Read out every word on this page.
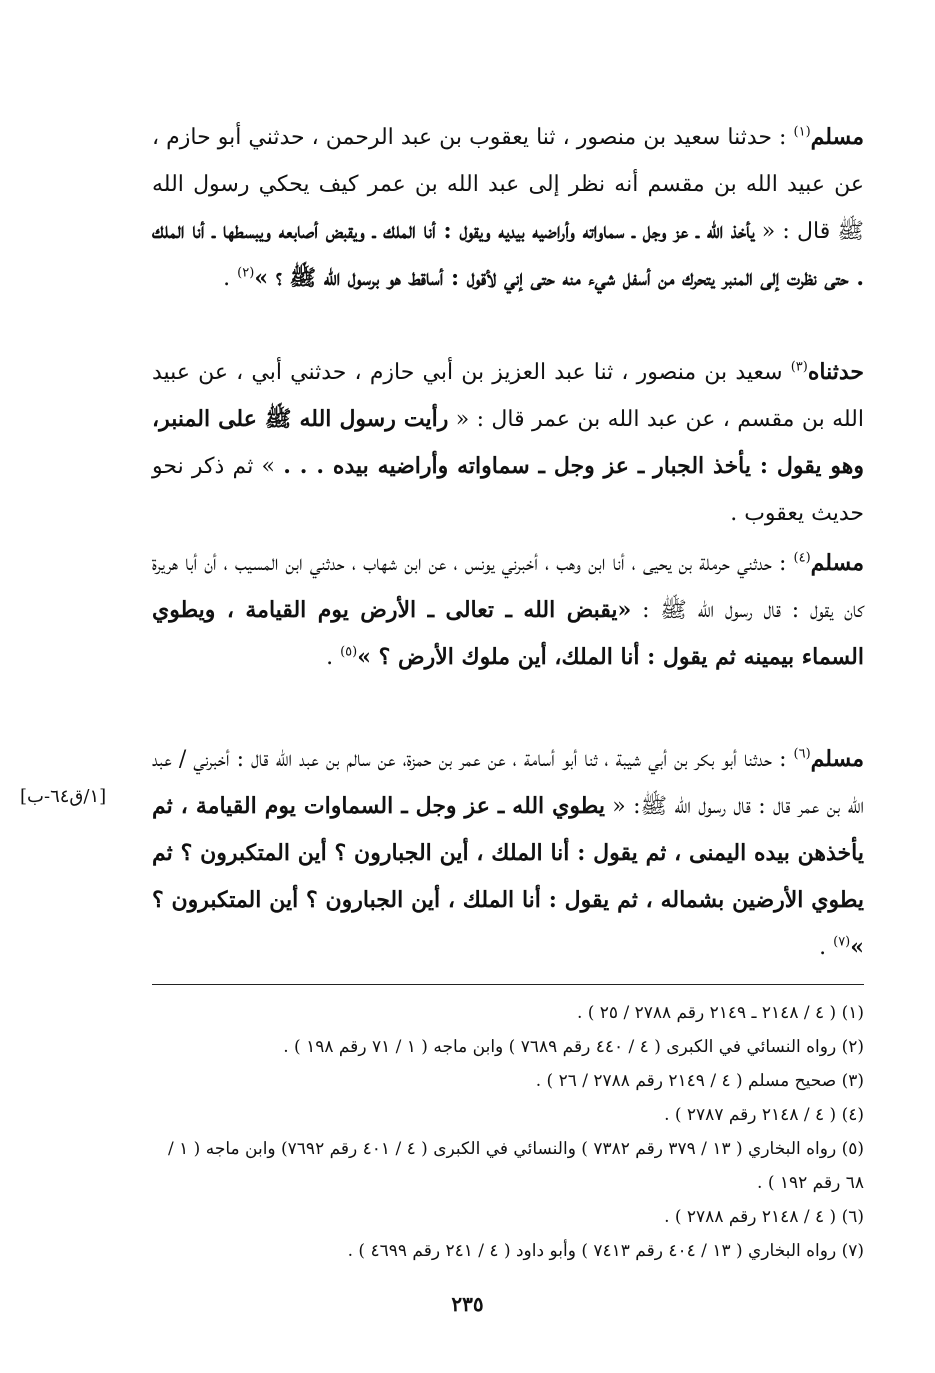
مسلم$^{(١)}$ : حدثنا سعيد بن منصور ، ثنا يعقوب بن عبد الرحمن ، حدثني أبو حازم ، عن عبيد الله بن مقسم أنه نظر إلى عبد الله بن عمر كيف يحكي رسول الله ﷺ قال : « يأخذ الله ـ عز وجل ـ سماواته وأراضيه بيديه ويقول : أنا الملك ـ ويقبض أصابعه ويبسطها ـ أنا الملك . حتى نظرت إلى المنبر يتحرك من أسفل شيء منه حتى إني لأقول : أساقط هو برسول الله ﷺ ؟ »$^{(٢)}$ .

حدثناه$^{(٣)}$ سعيد بن منصور ، ثنا عبد العزيز بن أبي حازم ، حدثني أبي ، عن عبيد الله بن مقسم ، عن عبد الله بن عمر قال : « رأيت رسول الله ﷺ على المنبر، وهو يقول : يأخذ الجبار ـ عز وجل ـ سماواته وأراضيه بيده . . . » ثم ذكر نحو حديث يعقوب .

مسلم$^{(٤)}$ : حدثني حرملة بن يحيى ، أنا ابن وهب ، أخبرني يونس ، عن ابن شهاب ، حدثني ابن المسيب ، أن أبا هريرة كان يقول : قال رسول الله ﷺ : «يقبض الله ـ تعالى ـ الأرض يوم القيامة ، ويطوي السماء بيمينه ثم يقول : أنا الملك، أين ملوك الأرض ؟ »$^{(٥)}$ .

مسلم$^{(٦)}$ : حدثنا أبو بكر بن أبي شيبة ، ثنا أبو أسامة ، عن عمر بن حمزة، عن سالم بن عبد الله قال : أخبرني / عبد الله بن عمر قال : قال رسول الله ﷺ: « يطوي الله ـ عز وجل ـ السماوات يوم القيامة ، ثم يأخذهن بيده اليمنى ، ثم يقول : أنا الملك ، أين الجبارون ؟ أين المتكبرون ؟ ثم يطوي الأرضين بشماله ، ثم يقول : أنا الملك ، أين الجبارون ؟ أين المتكبرون ؟ »$^{(٧)}$ .

[١/ق٦٤-ب]
(١) ( ٤ / ٢١٤٨ ـ ٢١٤٩ رقم ٢٧٨٨ / ٢٥ ) .
(٢) رواه النسائي في الكبرى ( ٤ / ٤٤٠ رقم ٧٦٨٩ ) وابن ماجه ( ١ / ٧١ رقم ١٩٨ ) .
(٣) صحيح مسلم ( ٤ / ٢١٤٩ رقم ٢٧٨٨ / ٢٦ ) .
(٤) ( ٤ / ٢١٤٨ رقم ٢٧٨٧ ) .
(٥) رواه البخاري ( ١٣ / ٣٧٩ رقم ٧٣٨٢ ) والنسائي في الكبرى ( ٤ / ٤٠١ رقم ٧٦٩٢) وابن ماجه ( ١ / ٦٨ رقم ١٩٢ ) .
(٦) ( ٤ / ٢١٤٨ رقم ٢٧٨٨ ) .
(٧) رواه البخاري ( ١٣ / ٤٠٤ رقم ٧٤١٣ ) وأبو داود ( ٤ / ٢٤١ رقم ٤٦٩٩ ) .
٢٣٥
